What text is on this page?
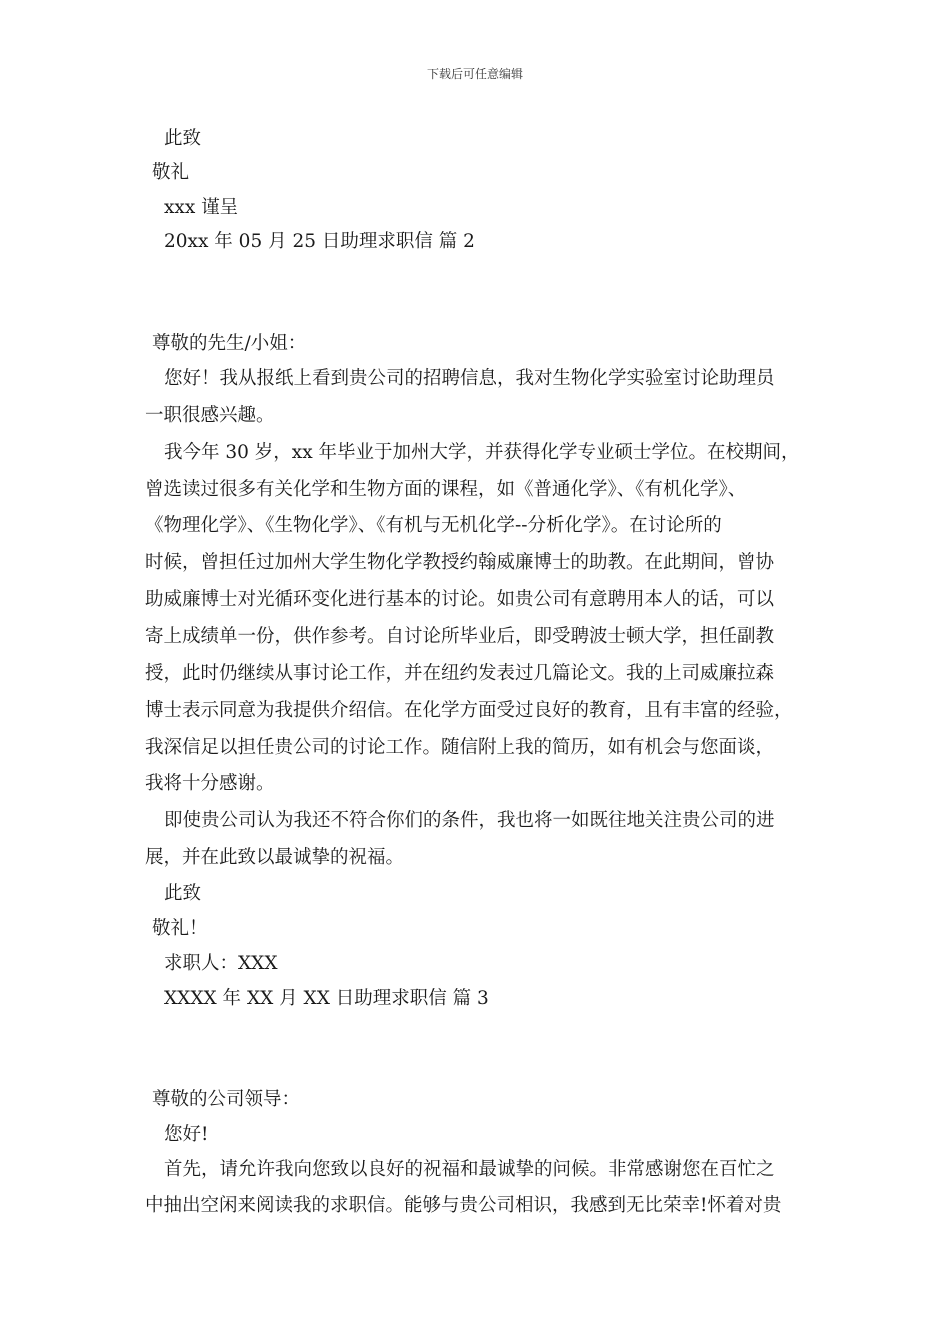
下载后可任意编辑
此致
敬礼
xxx 谨呈
20xx 年 05 月 25 日助理求职信 篇 2
尊敬的先生/小姐：
您好！我从报纸上看到贵公司的招聘信息，我对生物化学实验室讨论助理员
一职很感兴趣。
我今年 30 岁，xx 年毕业于加州大学，并获得化学专业硕士学位。在校期间，
曾选读过很多有关化学和生物方面的课程，如《普通化学》、《有机化学》、
《物理化学》、《生物化学》、《有机与无机化学--分析化学》。在讨论所的
时候，曾担任过加州大学生物化学教授约翰威廉博士的助教。在此期间，曾协
助威廉博士对光循环变化进行基本的讨论。如贵公司有意聘用本人的话，可以
寄上成绩单一份，供作参考。自讨论所毕业后，即受聘波士顿大学，担任副教
授，此时仍继续从事讨论工作，并在纽约发表过几篇论文。我的上司威廉拉森
博士表示同意为我提供介绍信。在化学方面受过良好的教育，且有丰富的经验，
我深信足以担任贵公司的讨论工作。随信附上我的简历，如有机会与您面谈，
我将十分感谢。
即使贵公司认为我还不符合你们的条件，我也将一如既往地关注贵公司的进
展，并在此致以最诚挚的祝福。
此致
敬礼！
求职人：XXX
XXXX 年 XX 月 XX 日助理求职信 篇 3
尊敬的公司领导：
您好!
首先，请允许我向您致以良好的祝福和最诚挚的问候。非常感谢您在百忙之
中抽出空闲来阅读我的求职信。能够与贵公司相识，我感到无比荣幸!怀着对贵
